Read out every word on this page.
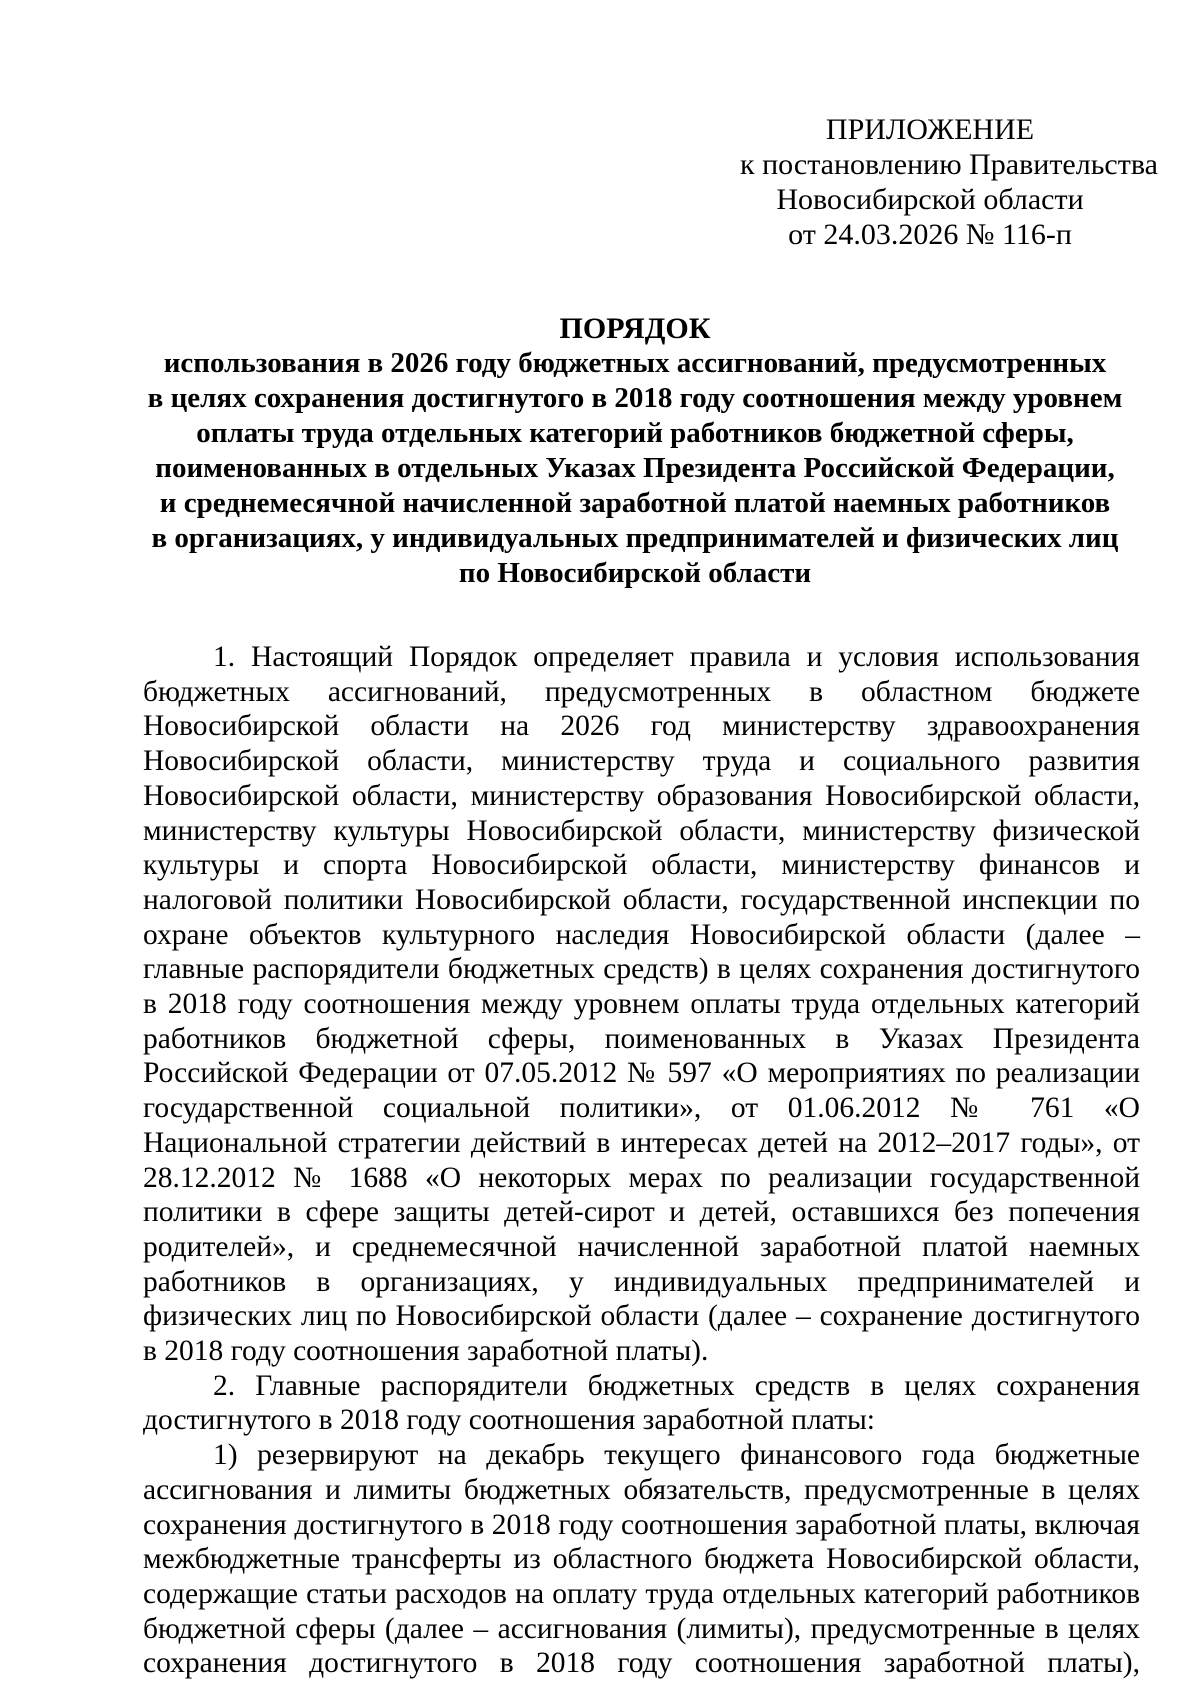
ПРИЛОЖЕНИЕ
к постановлению Правительства
Новосибирской области
от 24.03.2026 № 116-п
ПОРЯДОК
использования в 2026 году бюджетных ассигнований, предусмотренных
в целях сохранения достигнутого в 2018 году соотношения между уровнем
оплаты труда отдельных категорий работников бюджетной сферы,
поименованных в отдельных Указах Президента Российской Федерации,
и среднемесячной начисленной заработной платой наемных работников
в организациях, у индивидуальных предпринимателей и физических лиц
по Новосибирской области

1. Настоящий Порядок определяет правила и условия использования бюджетных ассигнований, предусмотренных в областном бюджете Новосибирской области на 2026 год министерству здравоохранения Новосибирской области, министерству труда и социального развития Новосибирской области, министерству образования Новосибирской области, министерству культуры Новосибирской области, министерству физической культуры и спорта Новосибирской области, министерству финансов и налоговой политики Новосибирской области, государственной инспекции по охране объектов культурного наследия Новосибирской области (далее – главные распорядители бюджетных средств) в целях сохранения достигнутого в 2018 году соотношения между уровнем оплаты труда отдельных категорий работников бюджетной сферы, поименованных в Указах Президента Российской Федерации от 07.05.2012 № 597 «О мероприятиях по реализации государственной социальной политики», от 01.06.2012 № 761 «О Национальной стратегии действий в интересах детей на 2012–2017 годы», от 28.12.2012 № 1688 «О некоторых мерах по реализации государственной политики в сфере защиты детей-сирот и детей, оставшихся без попечения родителей», и среднемесячной начисленной заработной платой наемных работников в организациях, у индивидуальных предпринимателей и физических лиц по Новосибирской области (далее – сохранение достигнутого в 2018 году соотношения заработной платы).

2. Главные распорядители бюджетных средств в целях сохранения достигнутого в 2018 году соотношения заработной платы:

1) резервируют на декабрь текущего финансового года бюджетные ассигнования и лимиты бюджетных обязательств, предусмотренные в целях сохранения достигнутого в 2018 году соотношения заработной платы, включая межбюджетные трансферты из областного бюджета Новосибирской области, содержащие статьи расходов на оплату труда отдельных категорий работников бюджетной сферы (далее – ассигнования (лимиты), предусмотренные в целях сохранения достигнутого в 2018 году соотношения заработной платы),
